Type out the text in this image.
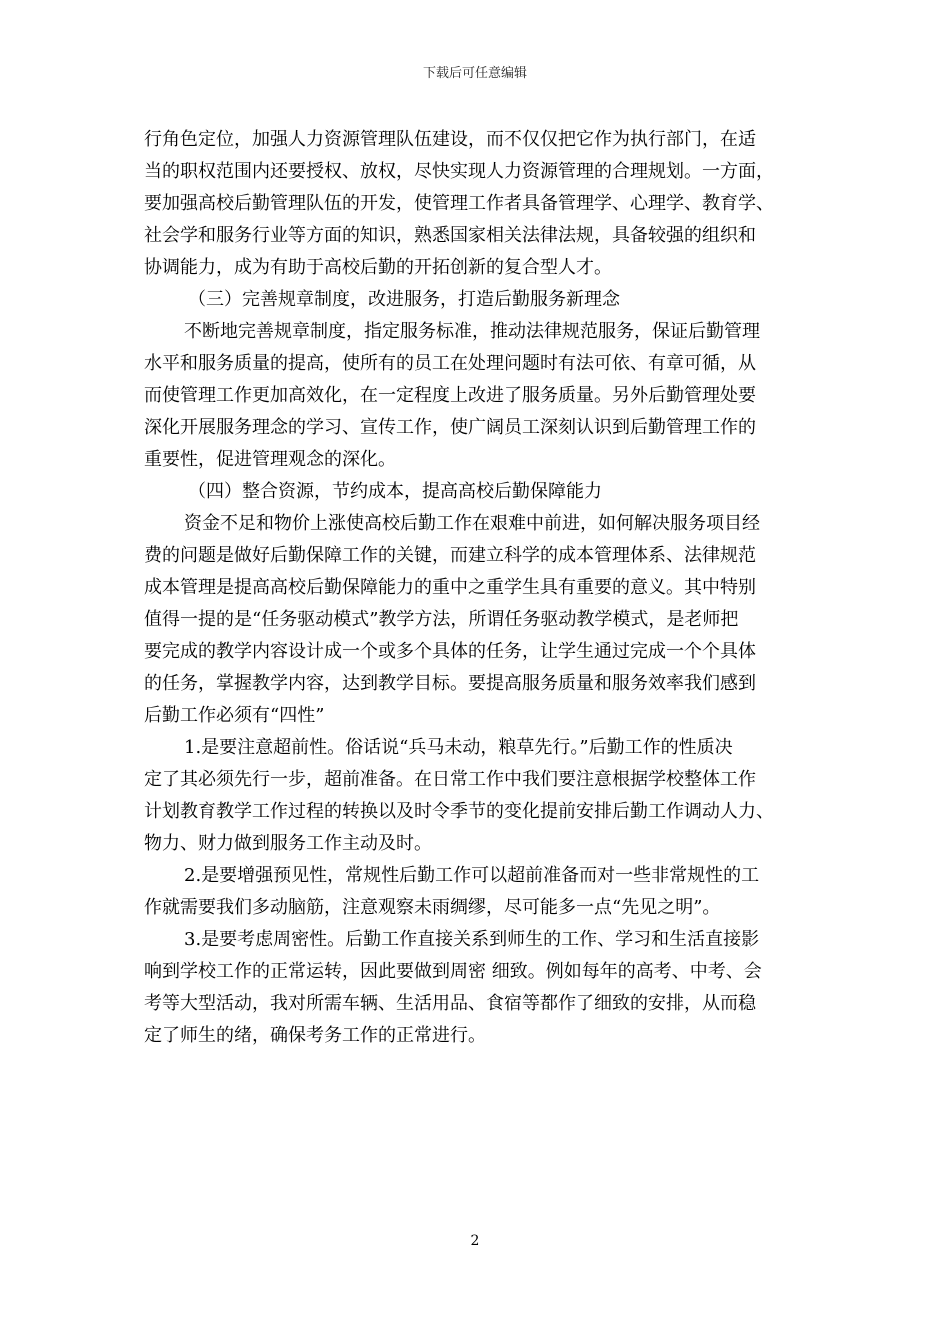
下载后可任意编辑
行角色定位，加强人力资源管理队伍建设，而不仅仅把它作为执行部门，在适
当的职权范围内还要授权、放权，尽快实现人力资源管理的合理规划。一方面，
要加强高校后勤管理队伍的开发，使管理工作者具备管理学、心理学、教育学、
社会学和服务行业等方面的知识，熟悉国家相关法律法规，具备较强的组织和
协调能力，成为有助于高校后勤的开拓创新的复合型人才。
（三）完善规章制度，改进服务，打造后勤服务新理念
不断地完善规章制度，指定服务标准，推动法律规范服务，保证后勤管理
水平和服务质量的提高，使所有的员工在处理问题时有法可依、有章可循，从
而使管理工作更加高效化，在一定程度上改进了服务质量。另外后勤管理处要
深化开展服务理念的学习、宣传工作，使广阔员工深刻认识到后勤管理工作的
重要性，促进管理观念的深化。
（四）整合资源，节约成本，提高高校后勤保障能力
资金不足和物价上涨使高校后勤工作在艰难中前进，如何解决服务项目经
费的问题是做好后勤保障工作的关键，而建立科学的成本管理体系、法律规范
成本管理是提高高校后勤保障能力的重中之重学生具有重要的意义。其中特别
值得一提的是“任务驱动模式”教学方法，所谓任务驱动教学模式，是老师把
要完成的教学内容设计成一个或多个具体的任务，让学生通过完成一个个具体
的任务，掌握教学内容，达到教学目标。要提高服务质量和服务效率我们感到
后勤工作必须有“四性”
1.是要注意超前性。俗话说“兵马未动，粮草先行。”后勤工作的性质决
定了其必须先行一步，超前准备。在日常工作中我们要注意根据学校整体工作
计划教育教学工作过程的转换以及时令季节的变化提前安排后勤工作调动人力、
物力、财力做到服务工作主动及时。
2.是要增强预见性，常规性后勤工作可以超前准备而对一些非常规性的工
作就需要我们多动脑筋，注意观察未雨绸缪，尽可能多一点“先见之明”。
3.是要考虑周密性。后勤工作直接关系到师生的工作、学习和生活直接影
响到学校工作的正常运转，因此要做到周密 细致。例如每年的高考、中考、会
考等大型活动，我对所需车辆、生活用品、食宿等都作了细致的安排，从而稳
定了师生的绪，确保考务工作的正常进行。
2
